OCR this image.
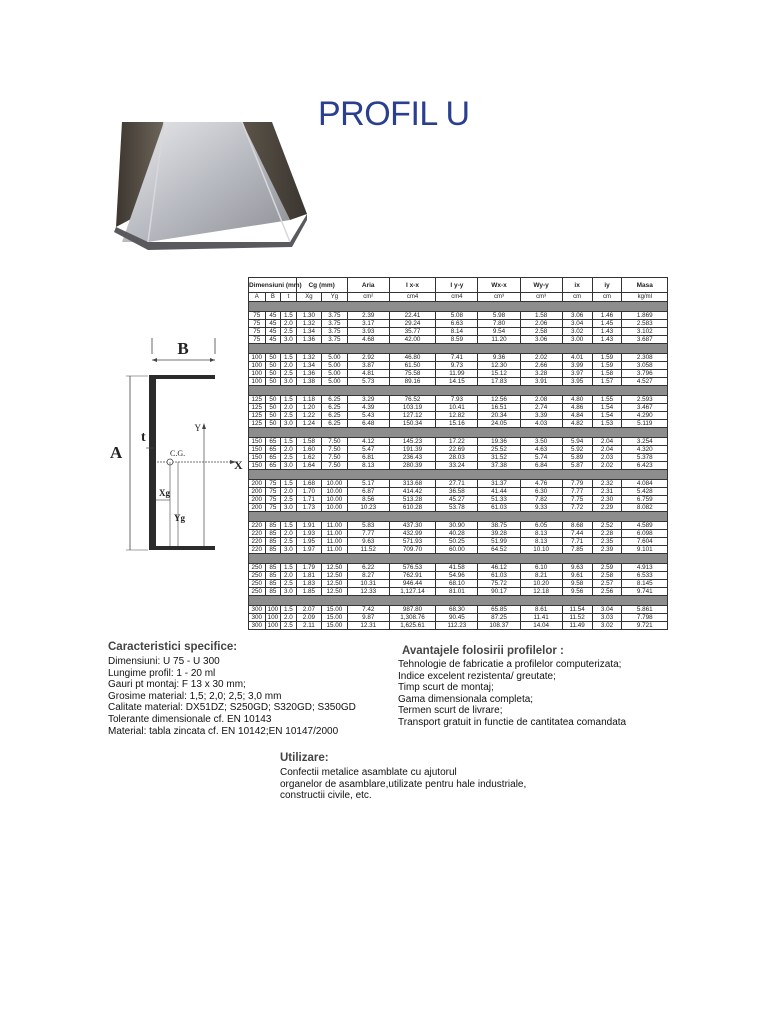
PROFIL U
B
A
t
X
Y
C.G.
Xg
Yg
Dimensiuni (mm)			Cg (mm)		Aria	I x-x	I y-y	Wx-x	Wy-y	ix	iy	Masa
A	B	t	Xg	Yg	cm²	cm4	cm4	cm³	cm³	cm	cm	kg/ml

75	45	1.5	1.30	3.75	2.39	22.41	5.08	5.98	1.58	3.06	1.46	1.869
75	45	2.0	1.32	3.75	3.17	29.24	6.63	7.80	2.06	3.04	1.45	2.583
75	45	2.5	1.34	3.75	3.93	35.77	8.14	9.54	2.58	3.02	1.43	3.102
75	45	3.0	1.36	3.75	4.68	42.00	8.59	11.20	3.06	3.00	1.43	3.687

100	50	1.5	1.32	5.00	2.92	46.80	7.41	9.36	2.02	4.01	1.59	2.308
100	50	2.0	1.34	5.00	3.87	61.50	9.73	12.30	2.66	3.99	1.59	3.058
100	50	2.5	1.36	5.00	4.81	75.58	11.99	15.12	3.28	3.97	1.58	3.796
100	50	3.0	1.38	5.00	5.73	89.16	14.15	17.83	3.91	3.95	1.57	4.527

125	50	1.5	1.18	6.25	3.29	76.52	7.93	12.56	2.08	4.80	1.55	2.593
125	50	2.0	1.20	6.25	4.39	103.19	10.41	16.51	2.74	4.86	1.54	3.467
125	50	2.5	1.22	6.25	5.43	127.12	12.82	20.34	3.39	4.84	1.54	4.290
125	50	3.0	1.24	6.25	6.48	150.34	15.16	24.05	4.03	4.82	1.53	5.119

150	65	1.5	1.58	7.50	4.12	145.23	17.22	19.36	3.50	5.94	2.04	3.254
150	65	2.0	1.60	7.50	5.47	191.39	22.69	25.52	4.63	5.92	2.04	4.320
150	65	2.5	1.62	7.50	6.81	236.43	28.03	31.52	5.74	5.89	2.03	5.378
150	65	3.0	1.64	7.50	8.13	280.39	33.24	37.38	6.84	5.87	2.02	6.423

200	75	1.5	1.68	10.00	5.17	313.68	27.71	31.37	4.76	7.79	2.32	4.084
200	75	2.0	1.70	10.00	6.87	414.42	36.58	41.44	6.30	7.77	2.31	5.428
200	75	2.5	1.71	10.00	8.56	513.28	45.27	51.33	7.82	7.75	2.30	6.759
200	75	3.0	1.73	10.00	10.23	610.28	53.78	61.03	9.33	7.72	2.29	8.082

220	85	1.5	1.91	11.00	5.83	437.30	30.90	38.75	6.05	8.68	2.52	4.589
220	85	2.0	1.93	11.00	7.77	432.99	40.28	39.28	8.13	7.44	2.28	6.098
220	85	2.5	1.95	11.00	9.63	571.93	50.25	51.99	8.13	7.71	2.35	7.604
220	85	3.0	1.97	11.00	11.52	709.70	60.00	64.52	10.10	7.85	2.39	9.101

250	85	1.5	1.79	12.50	6.22	576.53	41.58	46.12	6.10	9.63	2.59	4.913
250	85	2.0	1.81	12.50	8.27	762.91	54.96	61.03	8.21	9.61	2.58	6.533
250	85	2.5	1.83	12.50	10.31	946.44	68.10	75.72	10.20	9.58	2.57	8.145
250	85	3.0	1.85	12.50	12.33	1,127.14	81.01	90.17	12.18	9.56	2.56	9.741

300	100	1.5	2.07	15.00	7.42	987.80	68.30	65.85	8.61	11.54	3.04	5.861
300	100	2.0	2.09	15.00	9.87	1,308.76	90.45	87.25	11.41	11.52	3.03	7.798
300	100	2.5	2.11	15.00	12.31	1,625.61	112.23	108.37	14.04	11.49	3.02	9.721
Caracteristici specifice:
Dimensiuni: U 75 - U 300
Lungime profil: 1 - 20 ml
Gauri pt montaj: F 13 x 30 mm;
Grosime material: 1,5; 2,0; 2,5; 3,0 mm
Calitate material: DX51DZ; S250GD; S320GD; S350GD
Tolerante dimensionale cf. EN 10143
Material: tabla zincata cf. EN 10142;EN 10147/2000
Avantajele folosirii profilelor :
Tehnologie de fabricatie a profilelor computerizata;
Indice excelent rezistenta/ greutate;
Timp scurt de montaj;
Gama dimensionala completa;
Termen scurt de livrare;
Transport gratuit in functie de cantitatea comandata
Utilizare:
Confectii metalice asamblate cu ajutorul
organelor de asamblare,utilizate pentru hale industriale,
constructii civile, etc.
